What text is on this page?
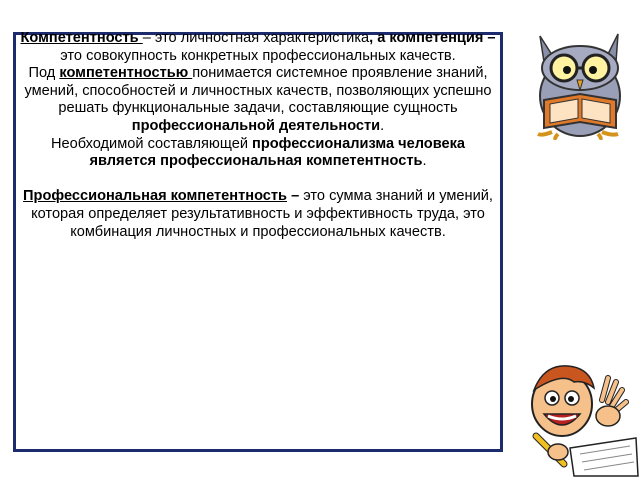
Компетентность – это личностная характеристика, а компетенция – это совокупность конкретных профессиональных качеств.

Под компетентностью понимается системное проявление знаний, умений, способностей и личностных качеств, позволяющих успешно решать функциональные задачи, составляющие сущность профессиональной деятельности.

Необходимой составляющей профессионализма человека является профессиональная компетентность.

Профессиональная компетентность – это сумма знаний и умений, которая определяет результативность и эффективность труда, это комбинация личностных и профессиональных качеств.
